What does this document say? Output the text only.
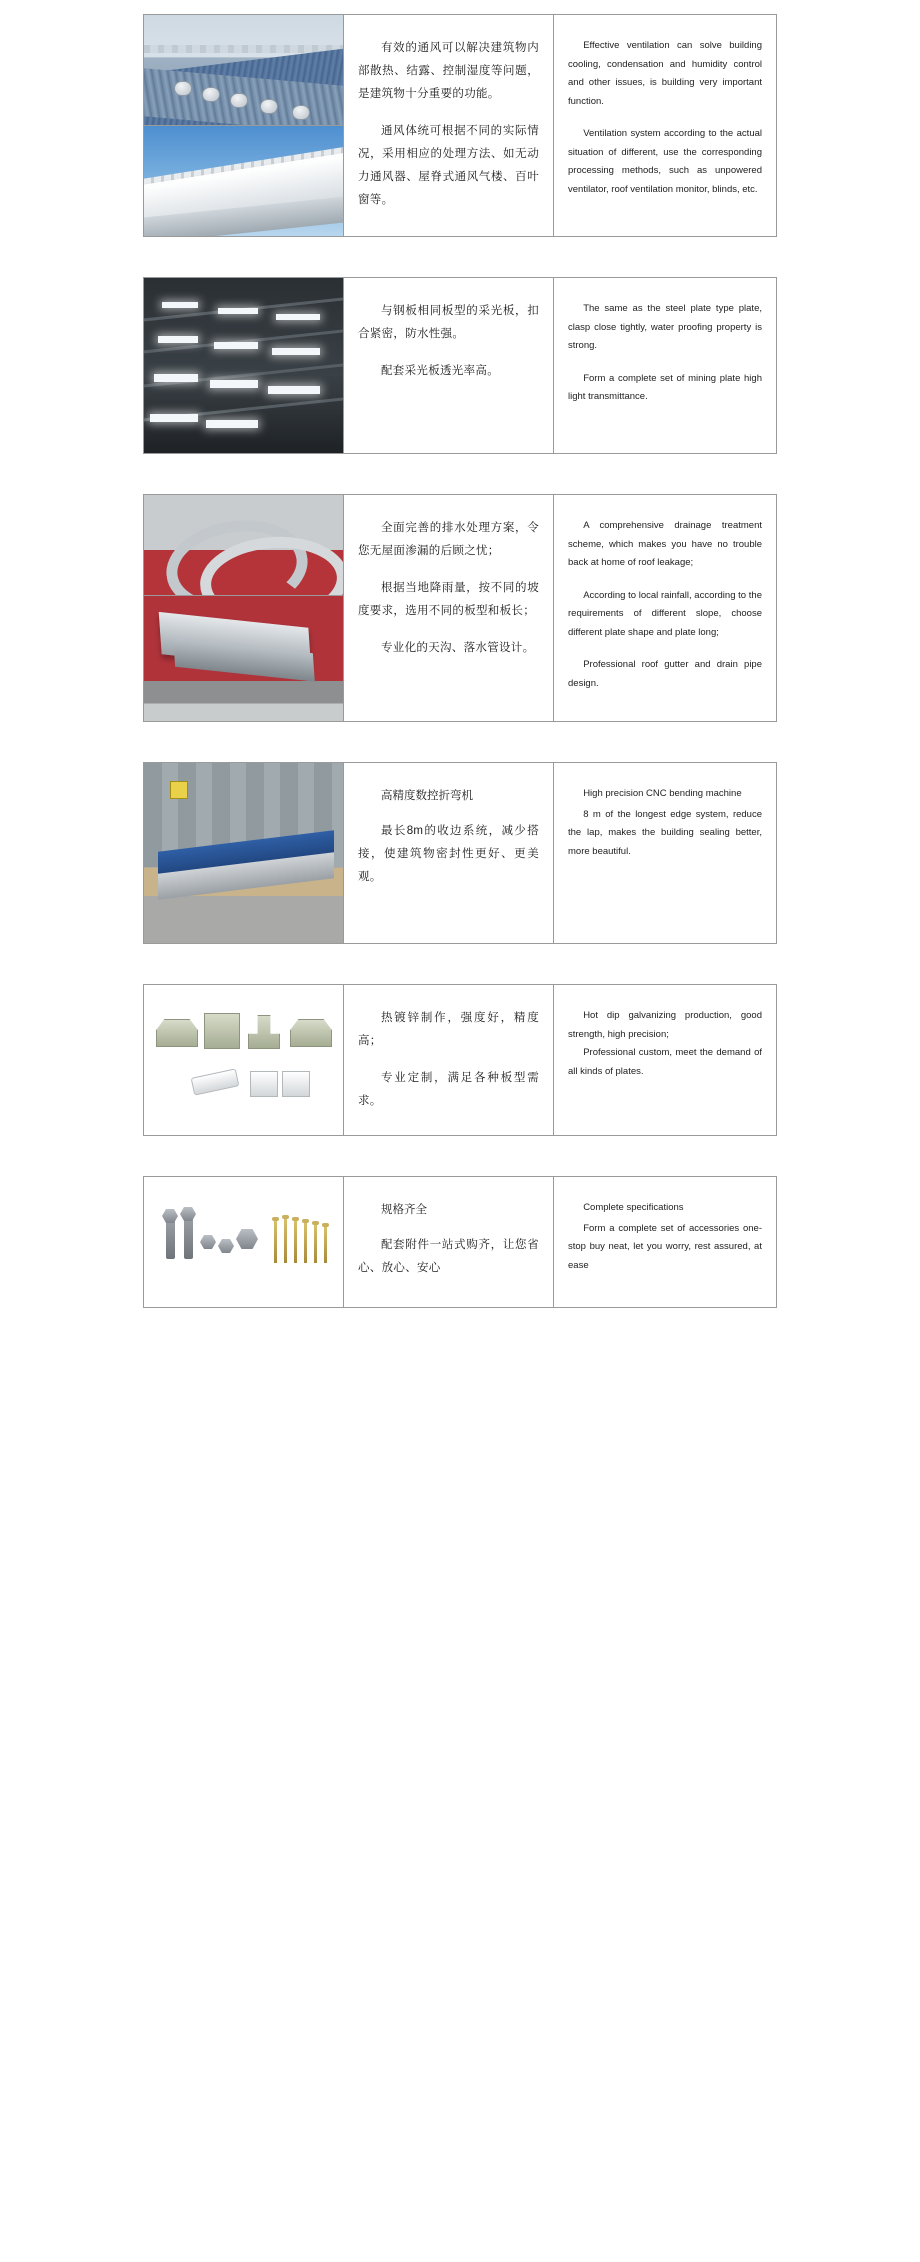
有效的通风可以解决建筑物内部散热、结露、控制湿度等问题，是建筑物十分重要的功能。

通风体统可根据不同的实际情况，采用相应的处理方法、如无动力通风器、屋脊式通风气楼、百叶窗等。

Effective ventilation can solve building cooling, condensation and humidity control and other issues, is building very important function.

Ventilation system according to the actual situation of different, use the corresponding processing methods, such as unpowered ventilator, roof ventilation monitor, blinds, etc.

与钢板相同板型的采光板，扣合紧密，防水性强。

配套采光板透光率高。

The same as the steel plate type plate, clasp close tightly, water proofing property is strong.

Form a complete set of mining plate high light transmittance.

全面完善的排水处理方案，令您无屋面渗漏的后顾之忧；

根据当地降雨量，按不同的坡度要求，选用不同的板型和板长；

专业化的天沟、落水管设计。

A comprehensive drainage treatment scheme, which makes you have no trouble back at home of roof leakage;

According to local rainfall, according to the requirements of different slope, choose different plate shape and plate long;

Professional roof gutter and drain pipe design.

高精度数控折弯机

最长8m的收边系统，减少搭接，使建筑物密封性更好、更美观。

High precision CNC bending machine

8 m of the longest edge system, reduce the lap, makes the building sealing better, more beautiful.

热镀锌制作，强度好，精度高；

专业定制，满足各种板型需求。

Hot dip galvanizing production, good strength, high precision;

Professional custom, meet the demand of all kinds of plates.

规格齐全

配套附件一站式购齐，让您省心、放心、安心

Complete specifications

Form a complete set of accessories one-stop buy neat, let you worry, rest assured, at ease
